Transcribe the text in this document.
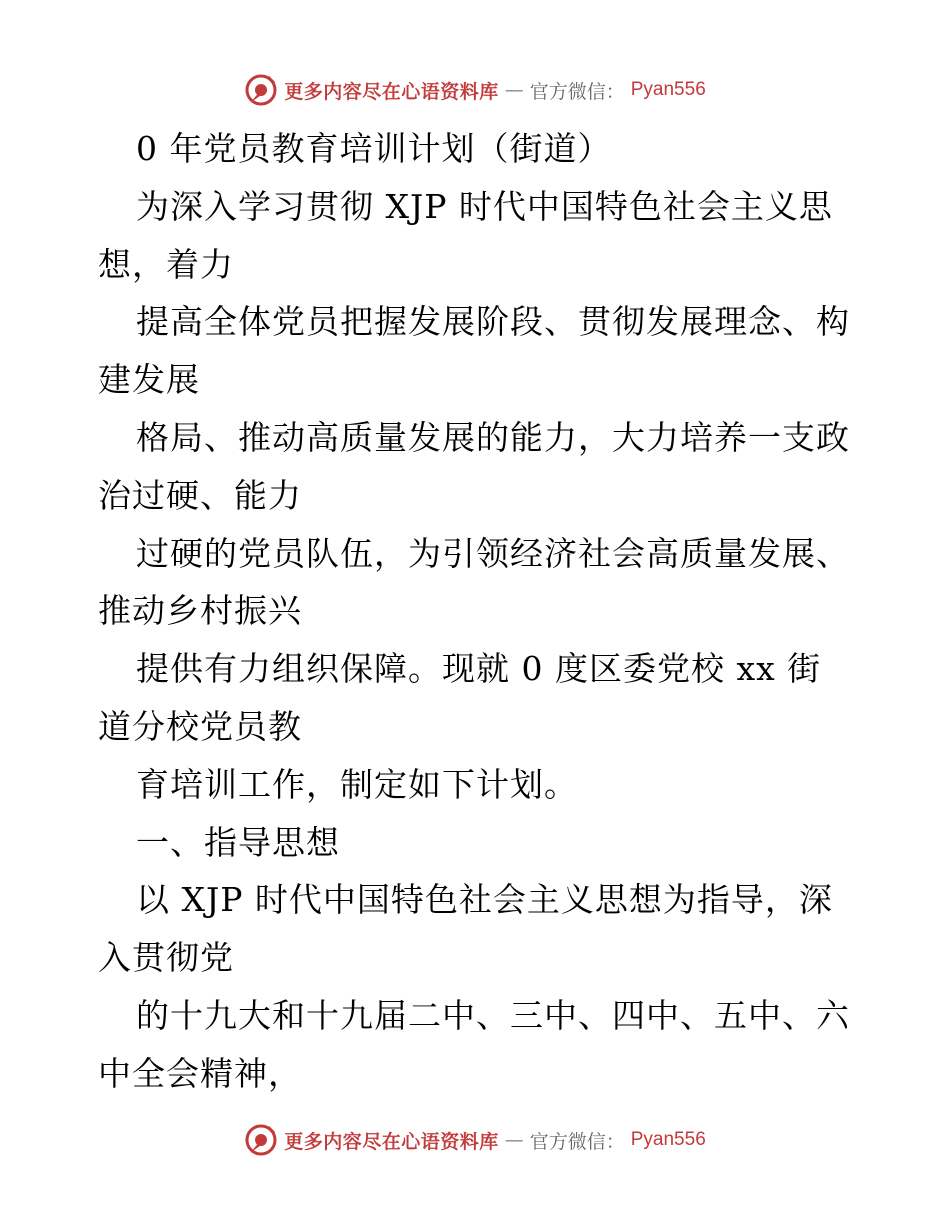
更多内容尽在心语资料库 — 官方微信： Pyan556
0 年党员教育培训计划（街道）
为深入学习贯彻 XJP 时代中国特色社会主义思
想，着力
提高全体党员把握发展阶段、贯彻发展理念、构
建发展
格局、推动高质量发展的能力，大力培养一支政
治过硬、能力
过硬的党员队伍，为引领经济社会高质量发展、
推动乡村振兴
提供有力组织保障。现就 0 度区委党校 xx 街
道分校党员教
育培训工作，制定如下计划。
一、指导思想
以 XJP 时代中国特色社会主义思想为指导，深
入贯彻党
的十九大和十九届二中、三中、四中、五中、六
中全会精神，
更多内容尽在心语资料库 — 官方微信： Pyan556
